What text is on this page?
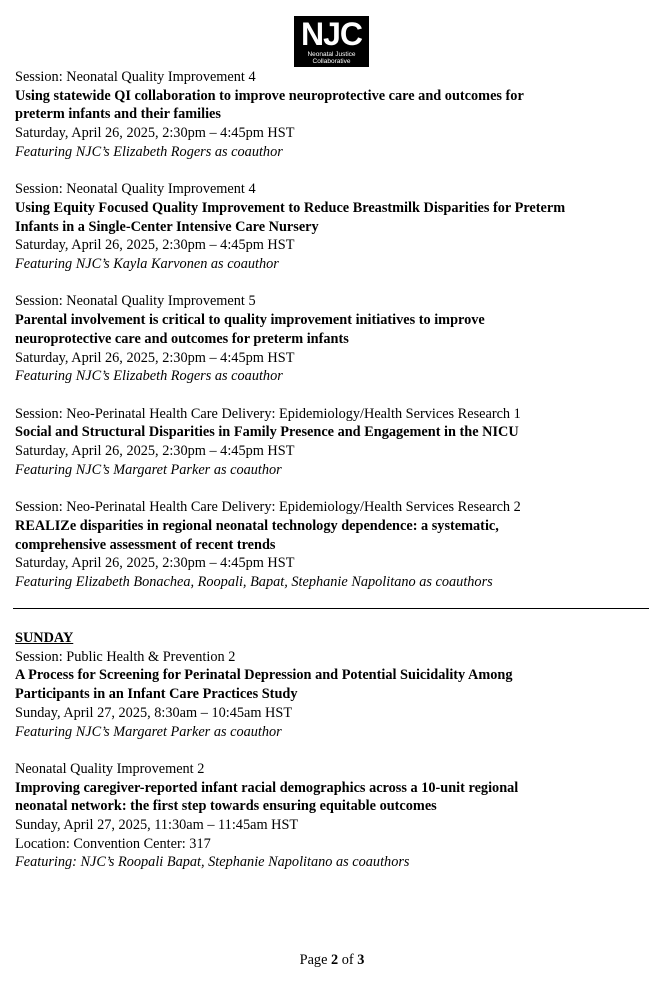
NJC
Neonatal Justice
Collaborative
Session: Neonatal Quality Improvement 4
Using statewide QI collaboration to improve neuroprotective care and outcomes for
preterm infants and their families
Saturday, April 26, 2025, 2:30pm – 4:45pm HST
Featuring NJC’s Elizabeth Rogers as coauthor
Session: Neonatal Quality Improvement 4
Using Equity Focused Quality Improvement to Reduce Breastmilk Disparities for Preterm
Infants in a Single-Center Intensive Care Nursery
Saturday, April 26, 2025, 2:30pm – 4:45pm HST
Featuring NJC’s Kayla Karvonen as coauthor
Session: Neonatal Quality Improvement 5
Parental involvement is critical to quality improvement initiatives to improve
neuroprotective care and outcomes for preterm infants
Saturday, April 26, 2025, 2:30pm – 4:45pm HST
Featuring NJC’s Elizabeth Rogers as coauthor
Session: Neo-Perinatal Health Care Delivery: Epidemiology/Health Services Research 1
Social and Structural Disparities in Family Presence and Engagement in the NICU
Saturday, April 26, 2025, 2:30pm – 4:45pm HST
Featuring NJC’s Margaret Parker as coauthor
Session: Neo-Perinatal Health Care Delivery: Epidemiology/Health Services Research 2
REALIZe disparities in regional neonatal technology dependence: a systematic,
comprehensive assessment of recent trends
Saturday, April 26, 2025, 2:30pm – 4:45pm HST
Featuring Elizabeth Bonachea, Roopali, Bapat, Stephanie Napolitano as coauthors
SUNDAY
Session: Public Health & Prevention 2
A Process for Screening for Perinatal Depression and Potential Suicidality Among
Participants in an Infant Care Practices Study
Sunday, April 27, 2025, 8:30am – 10:45am HST
Featuring NJC’s Margaret Parker as coauthor
Neonatal Quality Improvement 2
Improving caregiver-reported infant racial demographics across a 10-unit regional
neonatal network: the first step towards ensuring equitable outcomes
Sunday, April 27, 2025, 11:30am – 11:45am HST
Location: Convention Center: 317
Featuring: NJC’s Roopali Bapat, Stephanie Napolitano as coauthors
Page 2 of 3
